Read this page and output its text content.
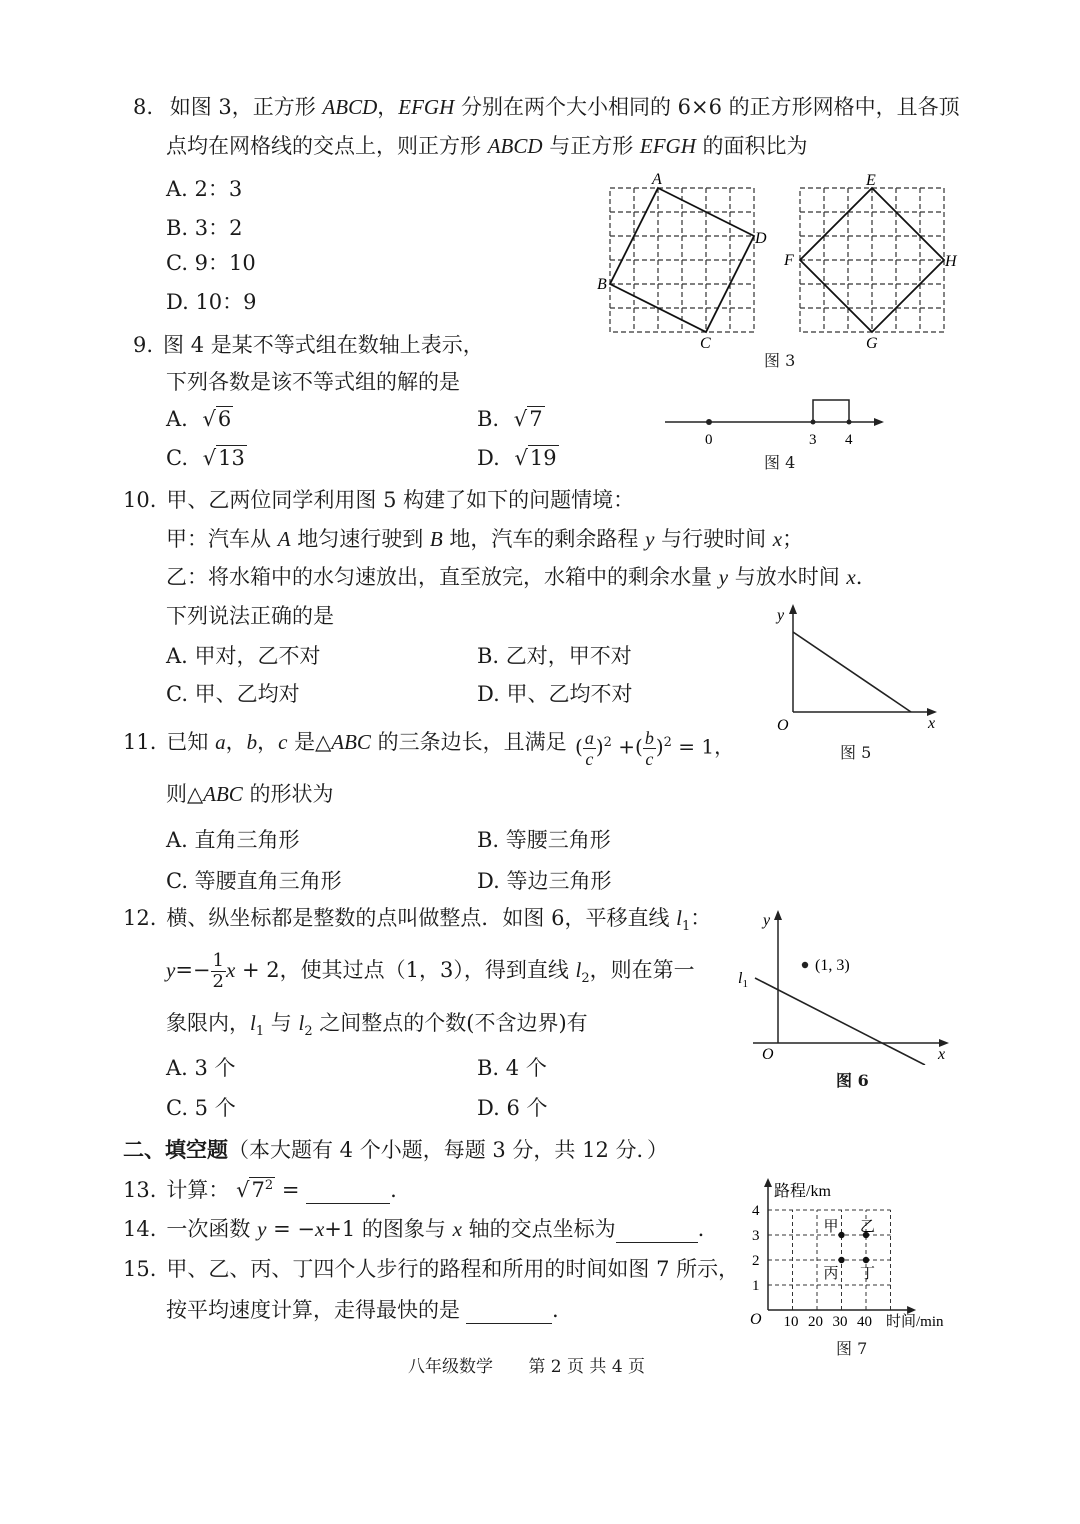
8. 如图 3，正方形 ABCD，EFGH 分别在两个大小相同的 6×6 的正方形网格中，且各顶
点均在网格线的交点上，则正方形 ABCD 与正方形 EFGH 的面积比为
A. 2：3
B. 3：2
C. 9：10
D. 10：9
A
D
B
C
E
F	H
G
图 3
9. 图 4 是某不等式组在数轴上表示，
下列各数是该不等式组的解的是
A. √6	B. √7
C. √13	D. √19
0	3 4
图 4
10. 甲、乙两位同学利用图 5 构建了如下的问题情境：
甲：汽车从 A 地匀速行驶到 B 地，汽车的剩余路程 y 与行驶时间 x；
乙：将水箱中的水匀速放出，直至放完，水箱中的剩余水量 y 与放水时间 x.
下列说法正确的是
A. 甲对，乙不对	B. 乙对，甲不对
C. 甲、乙均对	D. 甲、乙均不对
y
x
O
图 5
11. 已知 a，b，c 是△ABC 的三条边长，且满足 ( $\frac{a}{c} )^2$ +( $\frac{b}{c} )^2 = 1$，
则△ABC 的形状为
A. 直角三角形	B. 等腰三角形
C. 等腰直角三角形	D. 等边三角形
12. 横、纵坐标都是整数的点叫做整点．如图 6，平移直线 $l_1$：
$y=- \frac{1}{2}$ x + 2，使其过点（1，3），得到直线 $l_2$，则在第一
象限内，$l_1$ 与 $l_2$ 之间整点的个数(不含边界)有
A. 3 个	B. 4 个
C. 5 个	D. 6 个
(1, 3)
$l_1$
y
x
O
图 6
二、填空题（本大题有 4 个小题，每题 3 分，共 12 分．）
13. 计算： $√7^2$ =	.
14. 一次函数 y = −x+1 的图象与 x 轴的交点坐标为	.
15. 甲、乙、丙、丁四个人步行的路程和所用的时间如图 7 所示，
按平均速度计算，走得最快的是	.
1
2
3
4
10 20 30 40
甲 乙
丙 丁
路程/km
时间/min
O
图 7
八年级数学 第 2 页 共 4 页
